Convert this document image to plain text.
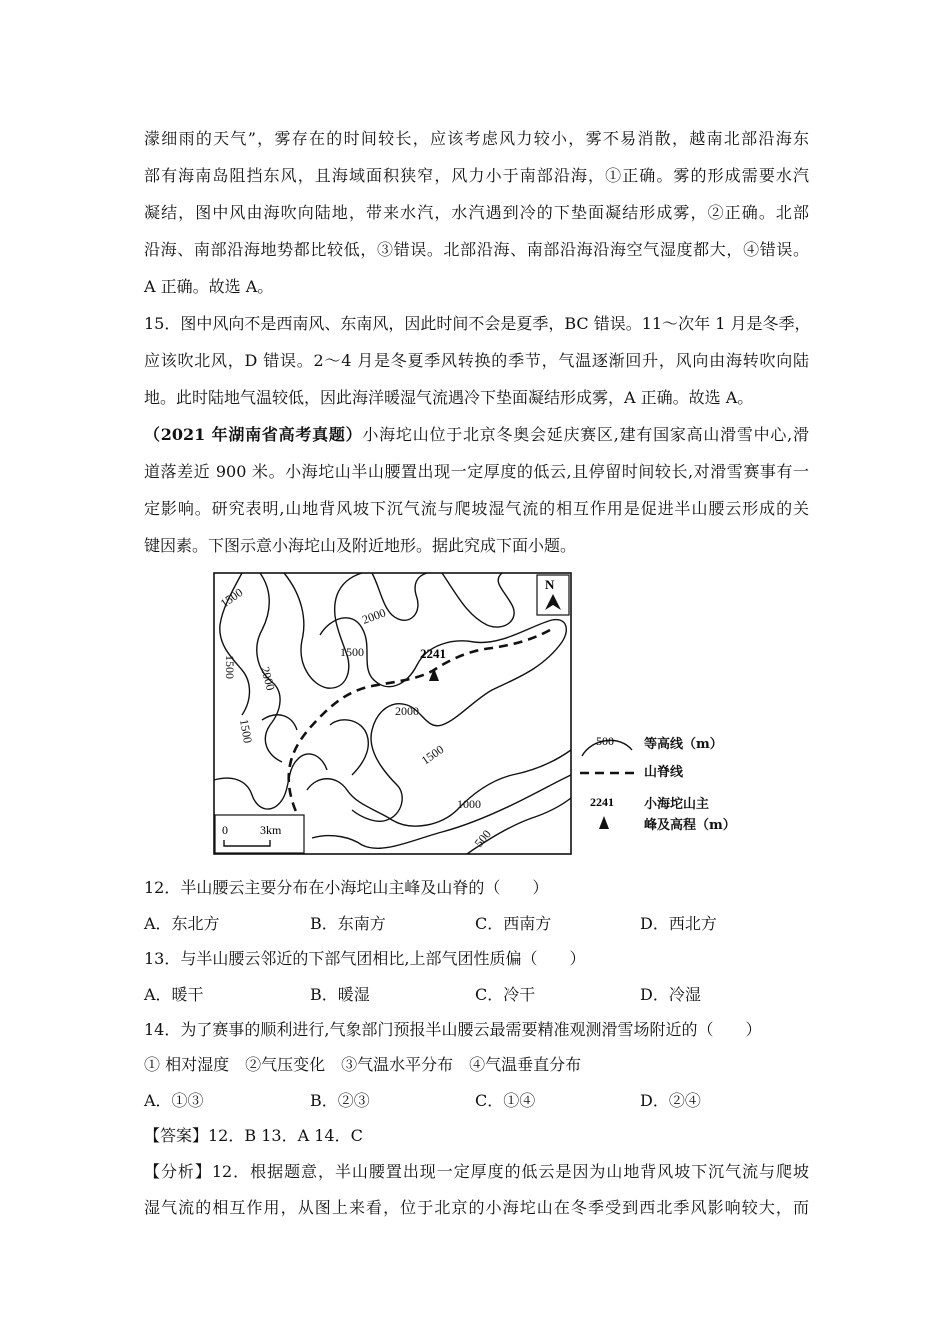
濛细雨的天气”，雾存在的时间较长，应该考虑风力较小，雾不易消散，越南北部沿海东
部有海南岛阻挡东风，且海域面积狭窄，风力小于南部沿海，①正确。雾的形成需要水汽
凝结，图中风由海吹向陆地，带来水汽，水汽遇到冷的下垫面凝结形成雾，②正确。北部
沿海、南部沿海地势都比较低，③错误。北部沿海、南部沿海沿海空气湿度都大，④错误。
A 正确。故选 A。
15．图中风向不是西南风、东南风，因此时间不会是夏季，BC 错误。11～次年 1 月是冬季，
应该吹北风，D 错误。2～4 月是冬夏季风转换的季节，气温逐渐回升，风向由海转吹向陆
地。此时陆地气温较低，因此海洋暖湿气流遇冷下垫面凝结形成雾，A 正确。故选 A。
（2021 年湖南省高考真题）小海坨山位于北京冬奥会延庆赛区,建有国家高山滑雪中心,滑
道落差近 900 米。小海坨山半山腰置出现一定厚度的低云,且停留时间较长,对滑雪赛事有一
定影响。研究表明,山地背风坡下沉气流与爬坡湿气流的相互作用是促进半山腰云形成的关
键因素。下图示意小海坨山及附近地形。据此究成下面小题。
2241
1500
2000
1500
2000
1500
2000
1500
1000
1500
500
N
0	3km
500
2241
等高线（m）
山脊线
小海坨山主
峰及高程（m）
12．半山腰云主要分布在小海坨山主峰及山脊的（　　）
A．东北方	B．东南方	C．西南方	D．西北方
13．与半山腰云邻近的下部气团相比,上部气团性质偏（　　）
A．暖干	B．暖湿	C．冷干	D．冷湿
14．为了赛事的顺利进行,气象部门预报半山腰云最需要精准观测滑雪场附近的（　　）
① 相对湿度　②气压变化　③气温水平分布　④气温垂直分布
A．①③	B．②③	C．①④	D．②④
【答案】12．B 13．A 14．C
【分析】12．根据题意，半山腰置出现一定厚度的低云是因为山地背风坡下沉气流与爬坡
湿气流的相互作用，从图上来看，位于北京的小海坨山在冬季受到西北季风影响较大，而
